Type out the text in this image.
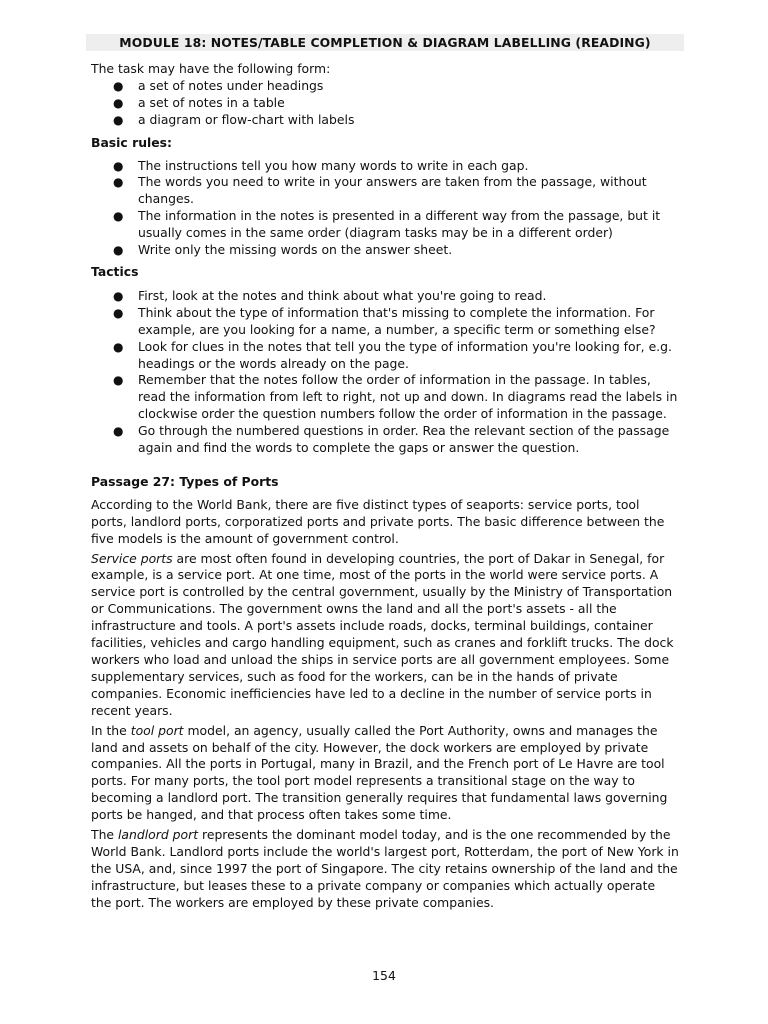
MODULE 18: NOTES/TABLE COMPLETION & DIAGRAM LABELLING (READING)

The task may have the following form:

● a set of notes under headings
● a set of notes in a table
● a diagram or flow-chart with labels

Basic rules:

● The instructions tell you how many words to write in each gap.
● The words you need to write in your answers are taken from the passage, without changes.
● The information in the notes is presented in a different way from the passage, but it usually comes in the same order (diagram tasks may be in a different order)
● Write only the missing words on the answer sheet.

Tactics

● First, look at the notes and think about what you're going to read.
● Think about the type of information that's missing to complete the information. For example, are you looking for a name, a number, a specific term or something else?
● Look for clues in the notes that tell you the type of information you're looking for, e.g. headings or the words already on the page.
● Remember that the notes follow the order of information in the passage. In tables, read the information from left to right, not up and down. In diagrams read the labels in clockwise order the question numbers follow the order of information in the passage.
● Go through the numbered questions in order. Rea the relevant section of the passage again and find the words to complete the gaps or answer the question.

Passage 27: Types of Ports

According to the World Bank, there are five distinct types of seaports: service ports, tool ports, landlord ports, corporatized ports and private ports. The basic difference between the five models is the amount of government control.

Service ports are most often found in developing countries, the port of Dakar in Senegal, for example, is a service port. At one time, most of the ports in the world were service ports. A service port is controlled by the central government, usually by the Ministry of Transportation or Communications. The government owns the land and all the port's assets - all the infrastructure and tools. A port's assets include roads, docks, terminal buildings, container facilities, vehicles and cargo handling equipment, such as cranes and forklift trucks. The dock workers who load and unload the ships in service ports are all government employees. Some supplementary services, such as food for the workers, can be in the hands of private companies. Economic inefficiencies have led to a decline in the number of service ports in recent years.

In the tool port model, an agency, usually called the Port Authority, owns and manages the land and assets on behalf of the city. However, the dock workers are employed by private companies. All the ports in Portugal, many in Brazil, and the French port of Le Havre are tool ports. For many ports, the tool port model represents a transitional stage on the way to becoming a landlord port. The transition generally requires that fundamental laws governing ports be hanged, and that process often takes some time.

The landlord port represents the dominant model today, and is the one recommended by the World Bank. Landlord ports include the world's largest port, Rotterdam, the port of New York in the USA, and, since 1997 the port of Singapore. The city retains ownership of the land and the infrastructure, but leases these to a private company or companies which actually operate the port. The workers are employed by these private companies.

154
